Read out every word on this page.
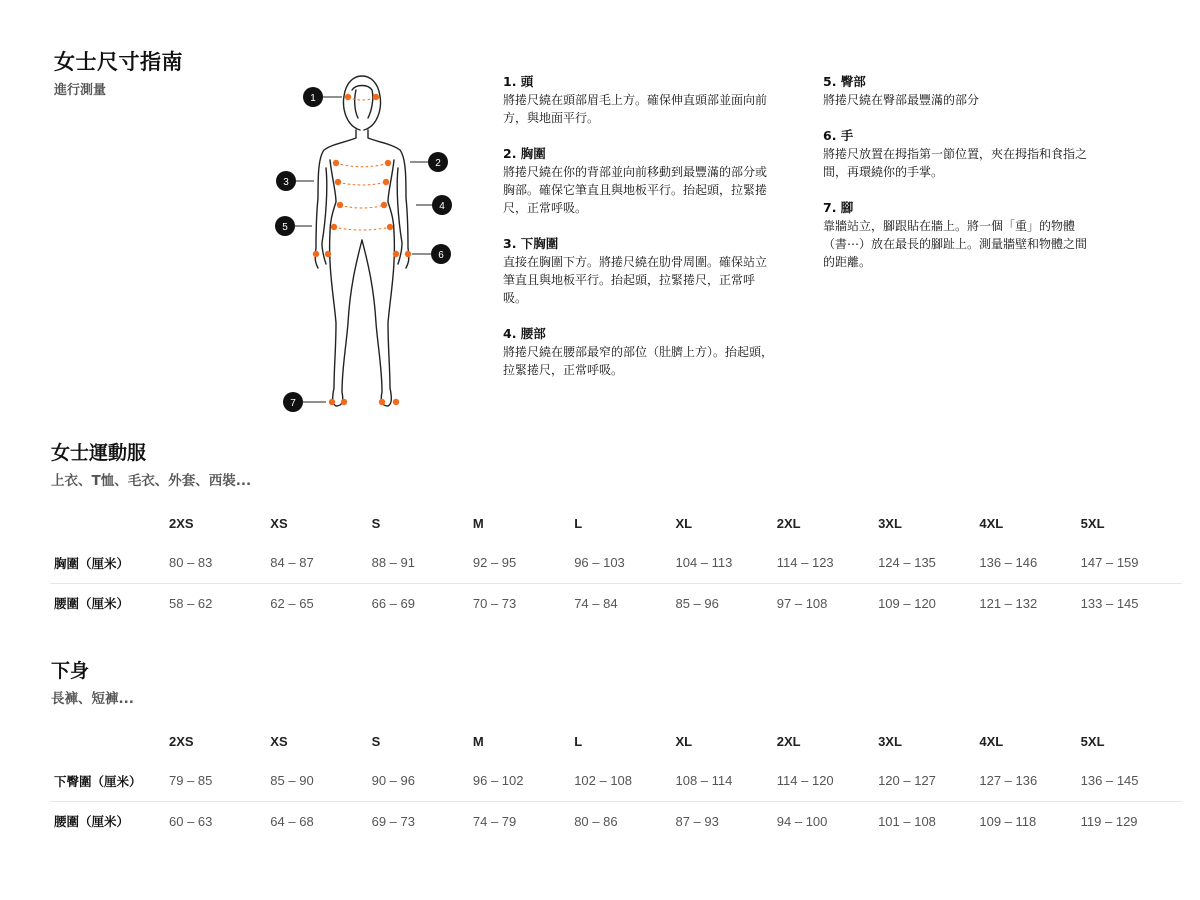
女士尺寸指南
進行測量
1
2
3
4
5
6
7
1. 頭
將捲尺繞在頭部眉毛上方。確保伸直頭部並面向前方，與地面平行。
2. 胸圍
將捲尺繞在你的背部並向前移動到最豐滿的部分或胸部。確保它筆直且與地板平行。抬起頭，拉緊捲尺，正常呼吸。
3. 下胸圍
直接在胸圍下方。將捲尺繞在肋骨周圍。確保站立筆直且與地板平行。抬起頭，拉緊捲尺，正常呼吸。
4. 腰部
將捲尺繞在腰部最窄的部位（肚臍上方）。抬起頭，拉緊捲尺，正常呼吸。
5. 臀部
將捲尺繞在臀部最豐滿的部分
6. 手
將捲尺放置在拇指第一節位置，夾在拇指和食指之間，再環繞你的手掌。
7. 腳
靠牆站立，腳跟貼在牆上。將一個「重」的物體（書⋯）放在最長的腳趾上。測量牆壁和物體之間的距離。
女士運動服
上衣、T恤、毛衣、外套、西裝...
	2XS	XS	S	M	L	XL	2XL	3XL	4XL	5XL
胸圍（厘米）	80 – 83	84 – 87	88 – 91	92 – 95	96 – 103	104 – 113	114 – 123	124 – 135	136 – 146	147 – 159
腰圍（厘米）	58 – 62	62 – 65	66 – 69	70 – 73	74 – 84	85 – 96	97 – 108	109 – 120	121 – 132	133 – 145
下身
長褲、短褲...
	2XS	XS	S	M	L	XL	2XL	3XL	4XL	5XL
下臀圍（厘米）	79 – 85	85 – 90	90 – 96	96 – 102	102 – 108	108 – 114	114 – 120	120 – 127	127 – 136	136 – 145
腰圍（厘米）	60 – 63	64 – 68	69 – 73	74 – 79	80 – 86	87 – 93	94 – 100	101 – 108	109 – 118	119 – 129
